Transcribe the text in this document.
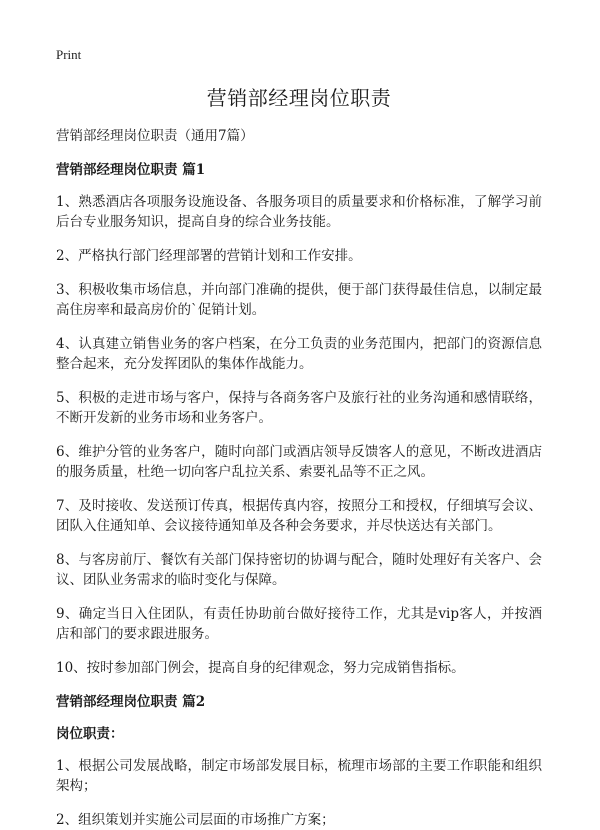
Print
营销部经理岗位职责

营销部经理岗位职责（通用7篇）

营销部经理岗位职责 篇1

1、熟悉酒店各项服务设施设备、各服务项目的质量要求和价格标准，了解学习前后台专业服务知识，提高自身的综合业务技能。

2、严格执行部门经理部署的营销计划和工作安排。

3、积极收集市场信息，并向部门准确的提供，便于部门获得最佳信息，以制定最高住房率和最高房价的`促销计划。

4、认真建立销售业务的客户档案，在分工负责的业务范围内，把部门的资源信息整合起来，充分发挥团队的集体作战能力。

5、积极的走进市场与客户，保持与各商务客户及旅行社的业务沟通和感情联络，不断开发新的业务市场和业务客户。

6、维护分管的业务客户，随时向部门或酒店领导反馈客人的意见，不断改进酒店的服务质量，杜绝一切向客户乱拉关系、索要礼品等不正之风。

7、及时接收、发送预订传真，根据传真内容，按照分工和授权，仔细填写会议、团队入住通知单、会议接待通知单及各种会务要求，并尽快送达有关部门。

8、与客房前厅、餐饮有关部门保持密切的协调与配合，随时处理好有关客户、会议、团队业务需求的临时变化与保障。

9、确定当日入住团队，有责任协助前台做好接待工作，尤其是vip客人，并按酒店和部门的要求跟进服务。

10、按时参加部门例会，提高自身的纪律观念，努力完成销售指标。

营销部经理岗位职责 篇2

岗位职责：

1、根据公司发展战略，制定市场部发展目标，梳理市场部的主要工作职能和组织架构；

2、组织策划并实施公司层面的市场推广方案；
